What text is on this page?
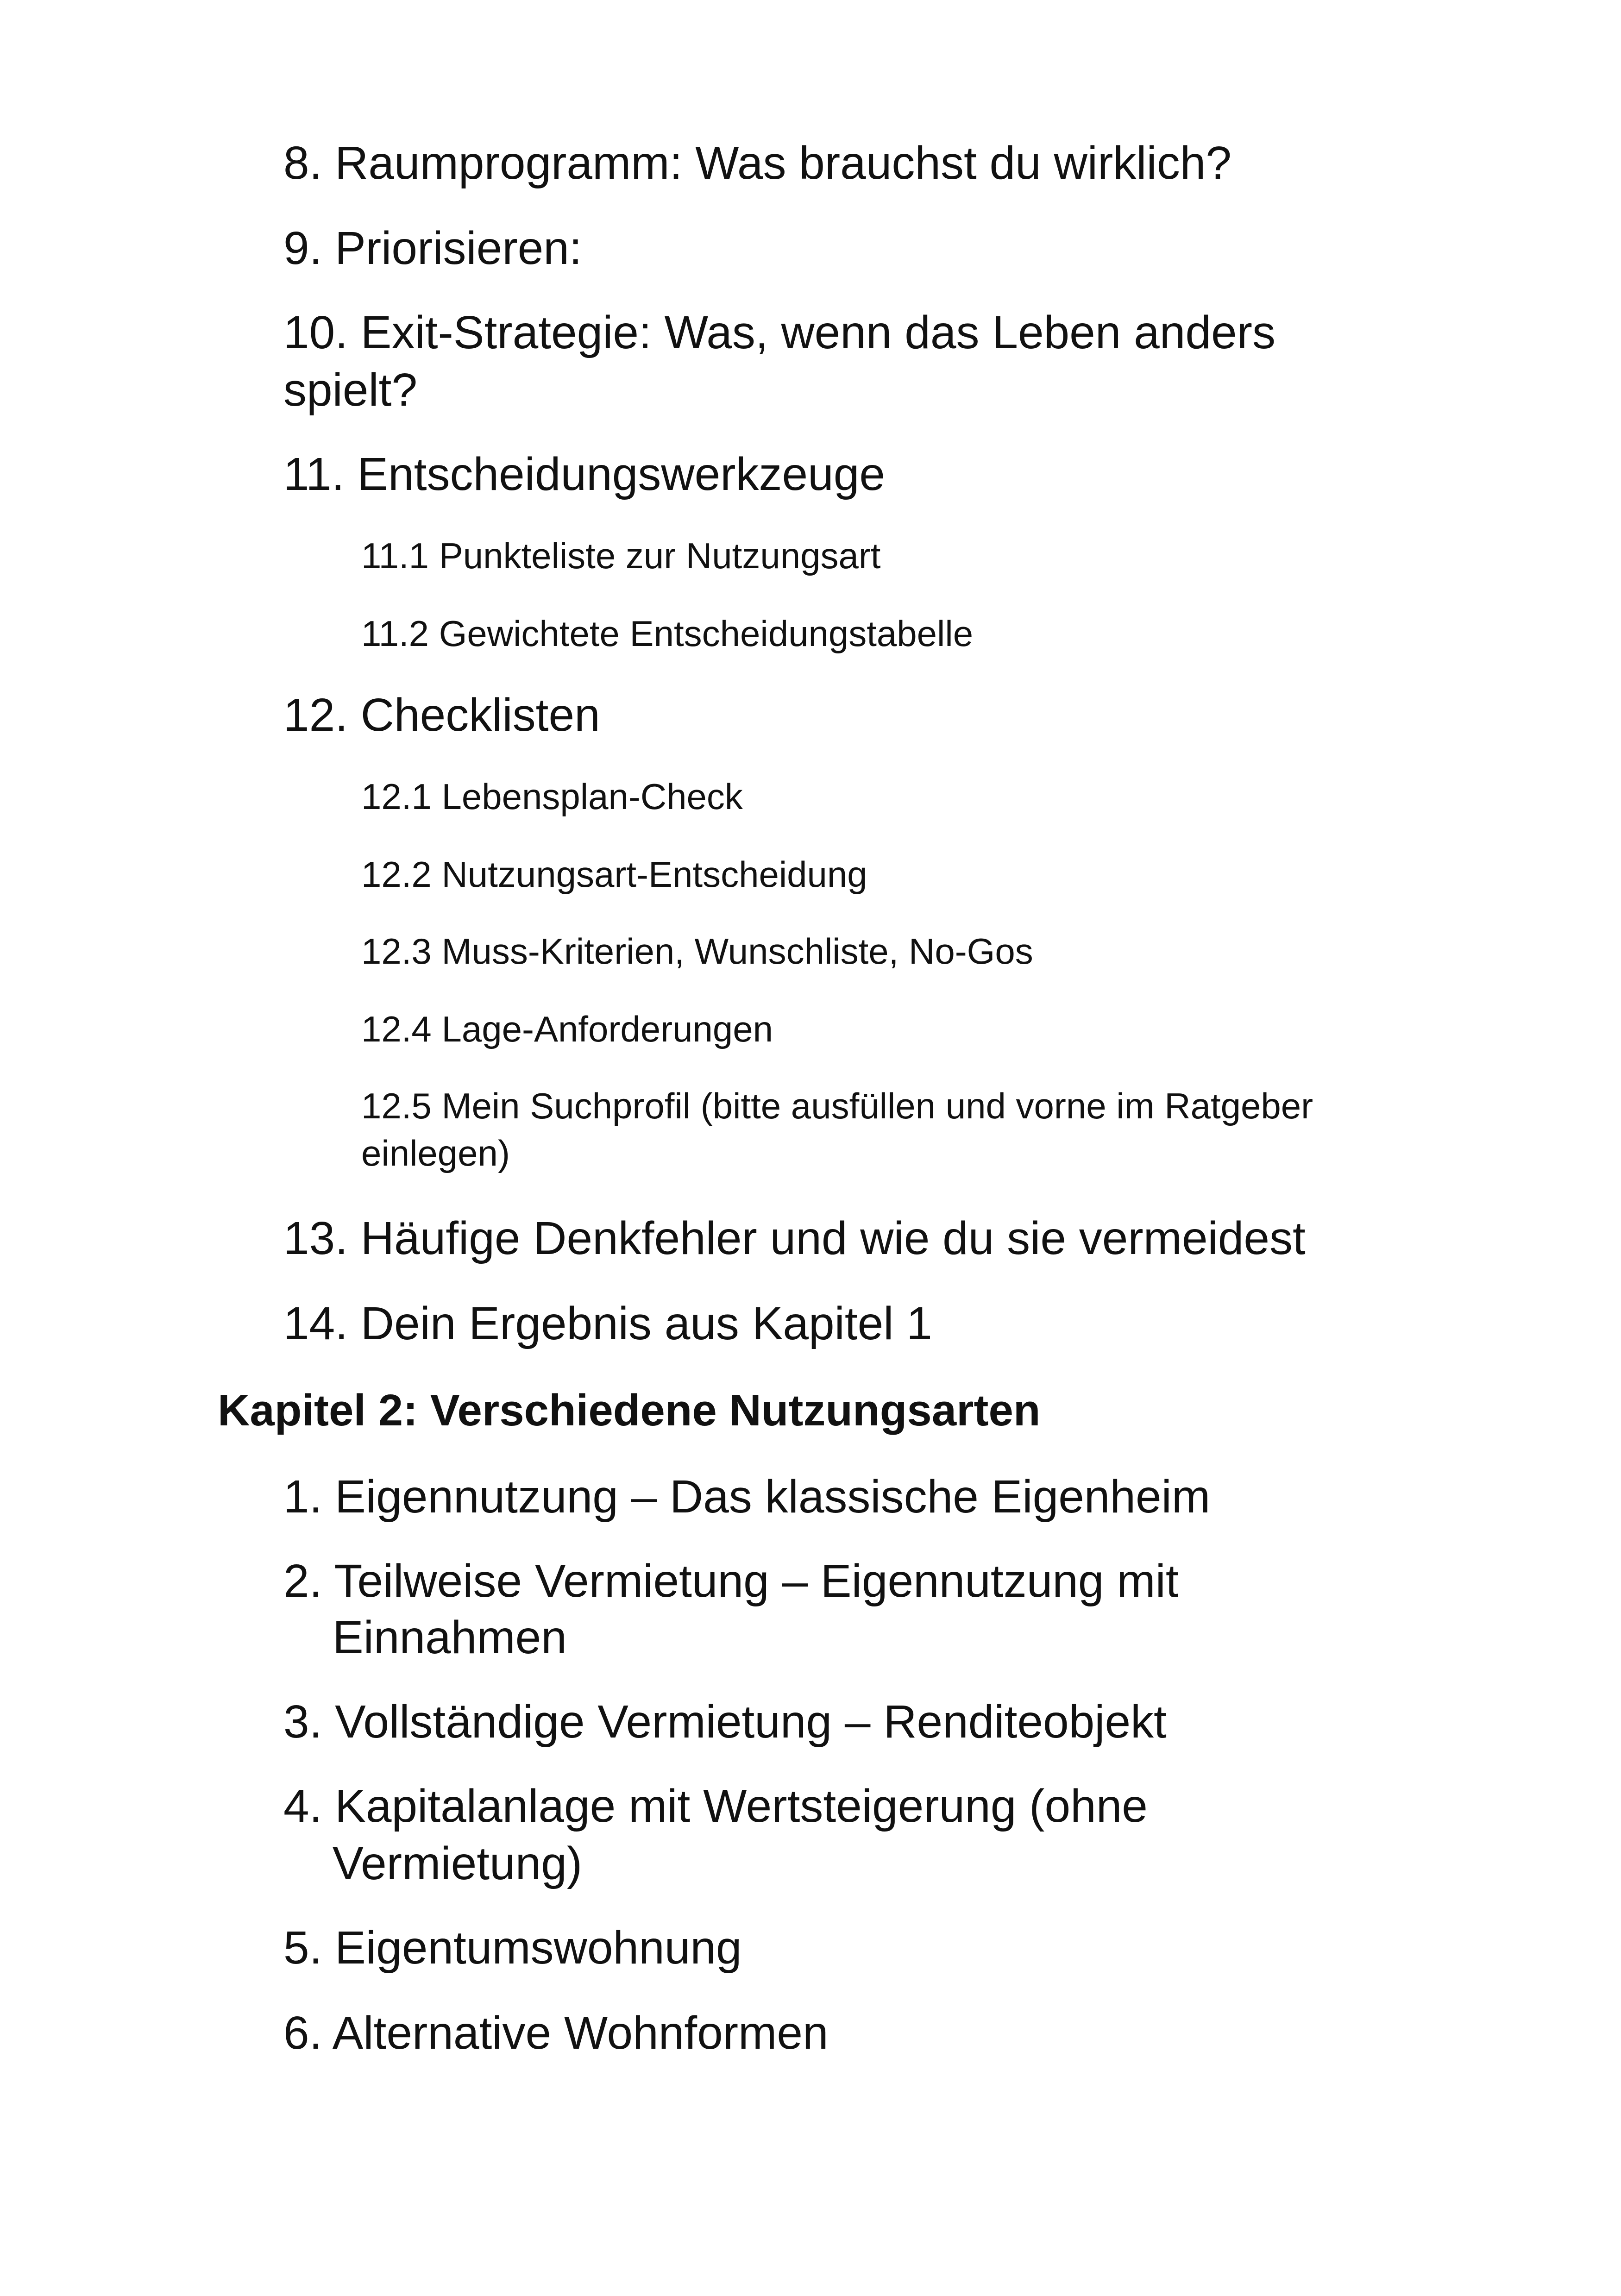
8. Raumprogramm: Was brauchst du wirklich?
9. Priorisieren:
10. Exit-Strategie: Was, wenn das Leben anders
spielt?
11. Entscheidungswerkzeuge
11.1 Punkteliste zur Nutzungsart
11.2 Gewichtete Entscheidungstabelle
12. Checklisten
12.1 Lebensplan-Check
12.2 Nutzungsart-Entscheidung
12.3 Muss-Kriterien, Wunschliste, No-Gos
12.4 Lage-Anforderungen
12.5 Mein Suchprofil (bitte ausfüllen und vorne im Ratgeber
einlegen)
13. Häufige Denkfehler und wie du sie vermeidest
14. Dein Ergebnis aus Kapitel 1
Kapitel 2: Verschiedene Nutzungsarten
1. Eigennutzung – Das klassische Eigenheim
2. Teilweise Vermietung – Eigennutzung mit
Einnahmen
3. Vollständige Vermietung – Renditeobjekt
4. Kapitalanlage mit Wertsteigerung (ohne
Vermietung)
5. Eigentumswohnung
6. Alternative Wohnformen
